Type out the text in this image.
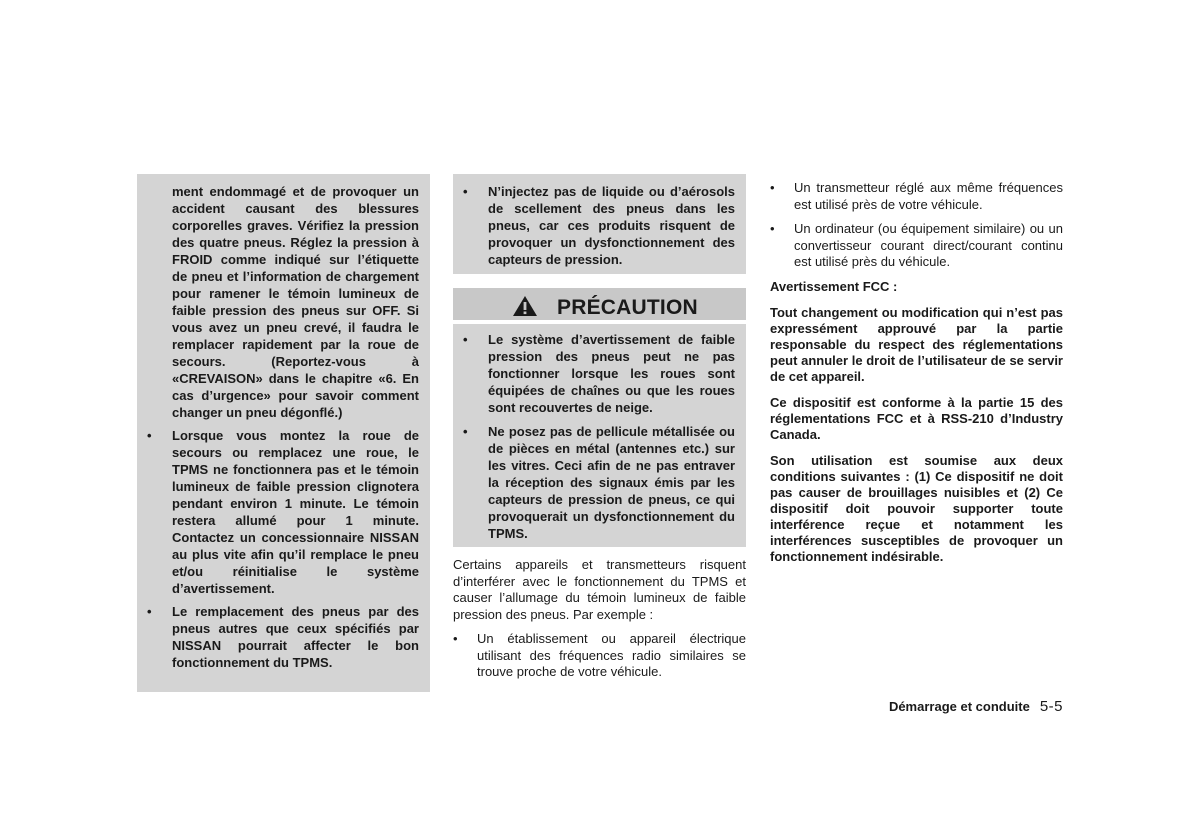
ment endommagé et de provoquer un accident causant des blessures corporelles graves. Vérifiez la pression des quatre pneus. Réglez la pression à FROID comme indiqué sur l’étiquette de pneu et l’information de chargement pour ramener le témoin lumineux de faible pression des pneus sur OFF. Si vous avez un pneu crevé, il faudra le remplacer rapidement par la roue de secours. (Reportez-vous à «CREVAISON» dans le chapitre «6. En cas d’urgence» pour savoir comment changer un pneu dégonflé.)

• Lorsque vous montez la roue de secours ou remplacez une roue, le TPMS ne fonctionnera pas et le témoin lumineux de faible pression clignotera pendant environ 1 minute. Le témoin restera allumé pour 1 minute. Contactez un concessionnaire NISSAN au plus vite afin qu’il remplace le pneu et/ou réinitialise le système d’avertissement.

• Le remplacement des pneus par des pneus autres que ceux spécifiés par NISSAN pourrait affecter le bon fonctionnement du TPMS.

• N’injectez pas de liquide ou d’aérosols de scellement des pneus dans les pneus, car ces produits risquent de provoquer un dysfonctionnement des capteurs de pression.

PRÉCAUTION

• Le système d’avertissement de faible pression des pneus peut ne pas fonctionner lorsque les roues sont équipées de chaînes ou que les roues sont recouvertes de neige.

• Ne posez pas de pellicule métallisée ou de pièces en métal (antennes etc.) sur les vitres. Ceci afin de ne pas entraver la réception des signaux émis par les capteurs de pression de pneus, ce qui provoquerait un dysfonctionnement du TPMS.

Certains appareils et transmetteurs risquent d’interférer avec le fonctionnement du TPMS et causer l’allumage du témoin lumineux de faible pression des pneus. Par exemple :

• Un établissement ou appareil électrique utilisant des fréquences radio similaires se trouve proche de votre véhicule.

• Un transmetteur réglé aux même fréquences est utilisé près de votre véhicule.

• Un ordinateur (ou équipement similaire) ou un convertisseur courant direct/courant continu est utilisé près du véhicule.

Avertissement FCC :

Tout changement ou modification qui n’est pas expressément approuvé par la partie responsable du respect des réglementations peut annuler le droit de l’utilisateur de se servir de cet appareil.

Ce dispositif est conforme à la partie 15 des réglementations FCC et à RSS-210 d’Industry Canada.

Son utilisation est soumise aux deux conditions suivantes : (1) Ce dispositif ne doit pas causer de brouillages nuisibles et (2) Ce dispositif doit pouvoir supporter toute interférence reçue et notamment les interférences susceptibles de provoquer un fonctionnement indésirable.

Démarrage et conduite 5-5
